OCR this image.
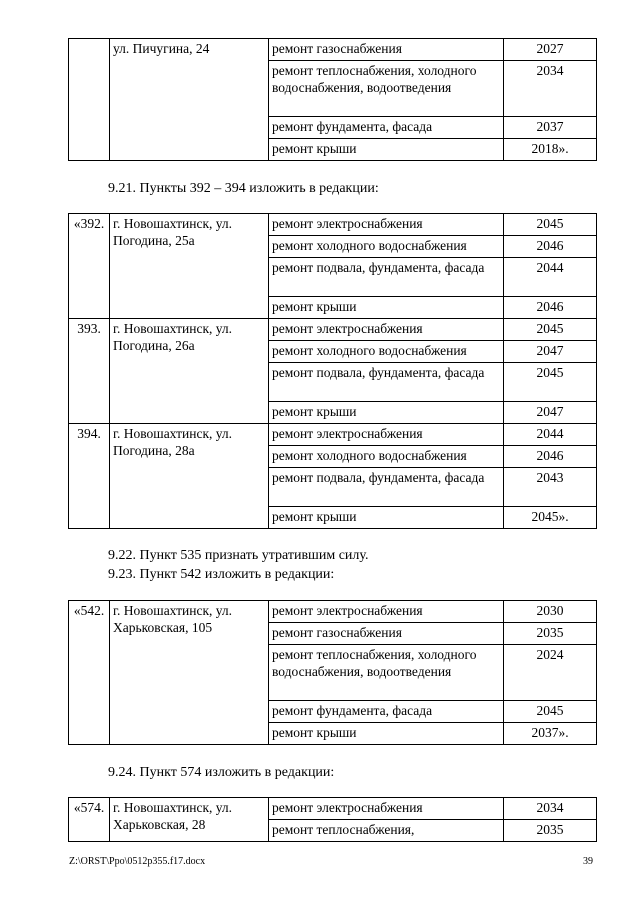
	ул. Пичугина, 24	ремонт газоснабжения	2027
		ремонт теплоснабжения, холодного водоснабжения, водоотведения	2034
		ремонт фундамента, фасада	2037
		ремонт крыши	2018».

9.21. Пункты 392 – 394 изложить в редакции:

«392.	г. Новошахтинск, ул. Погодина, 25а	ремонт электроснабжения	2045
		ремонт холодного водоснабжения	2046
		ремонт подвала, фундамента, фасада	2044
		ремонт крыши	2046
393.	г. Новошахтинск, ул. Погодина, 26а	ремонт электроснабжения	2045
		ремонт холодного водоснабжения	2047
		ремонт подвала, фундамента, фасада	2045
		ремонт крыши	2047
394.	г. Новошахтинск, ул. Погодина, 28а	ремонт электроснабжения	2044
		ремонт холодного водоснабжения	2046
		ремонт подвала, фундамента, фасада	2043
		ремонт крыши	2045».

9.22. Пункт 535 признать утратившим силу.

9.23. Пункт 542 изложить в редакции:

«542.	г. Новошахтинск, ул. Харьковская, 105	ремонт электроснабжения	2030
		ремонт газоснабжения	2035
		ремонт теплоснабжения, холодного водоснабжения, водоотведения	2024
		ремонт фундамента, фасада	2045
		ремонт крыши	2037».

9.24. Пункт 574 изложить в редакции:

«574.	г. Новошахтинск, ул. Харьковская, 28	ремонт электроснабжения	2034
		ремонт теплоснабжения,	2035
Z:\ORST\Ppo\0512p355.f17.docx	39
